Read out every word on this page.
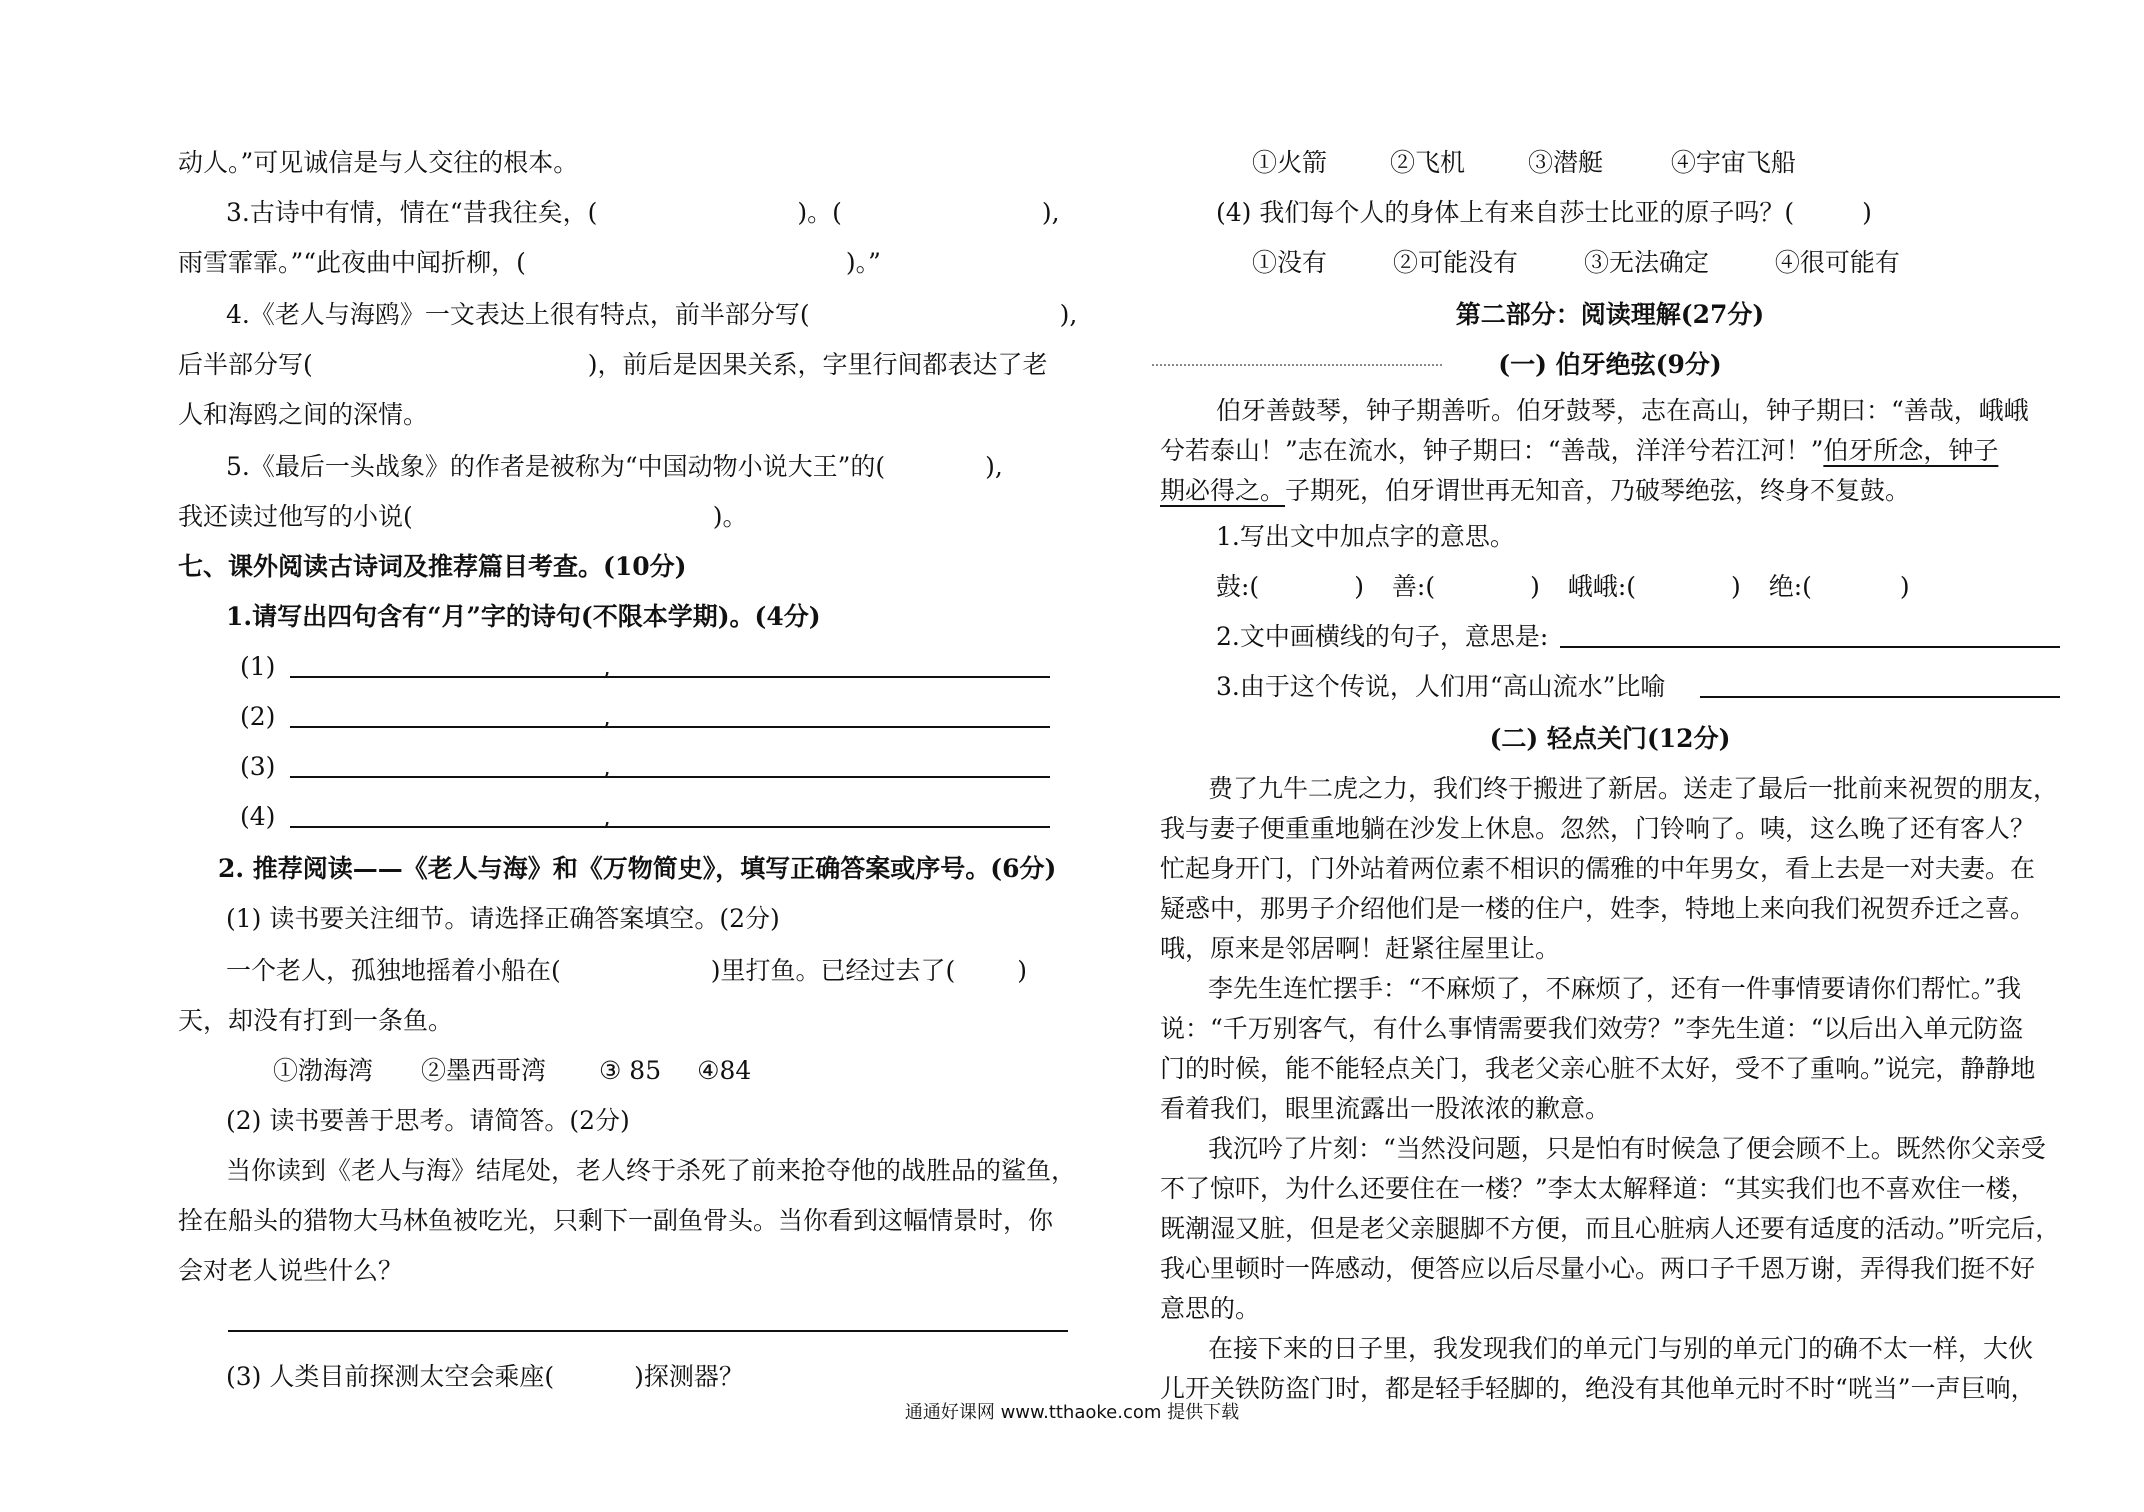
动人。”可见诚信是与人交往的根本。
3.古诗中有情，情在“昔我往矣，(	)。(	),
雨雪霏霏。”“此夜曲中闻折柳，(	)。”
4.《老人与海鸥》一文表达上很有特点，前半部分写(	),
后半部分写(	)，前后是因果关系，字里行间都表达了老
人和海鸥之间的深情。
5.《最后一头战象》的作者是被称为“中国动物小说大王”的(	),
我还读过他写的小说(	)。
七、课外阅读古诗词及推荐篇目考查。(10分)
1.请写出四句含有“月”字的诗句(不限本学期)。(4分)
(1)	,
(2)	,
(3)	,
(4)	,
2. 推荐阅读——《老人与海》和《万物简史》，填写正确答案或序号。(6分)
(1) 读书要关注细节。请选择正确答案填空。(2分)
一个老人，孤独地摇着小船在(	)里打鱼。已经过去了( )
天，却没有打到一条鱼。
①渤海湾 ②墨西哥湾 ③ 85 ④84
(2) 读书要善于思考。请简答。(2分)
当你读到《老人与海》结尾处，老人终于杀死了前来抢夺他的战胜品的鲨鱼，
拴在船头的猎物大马林鱼被吃光，只剩下一副鱼骨头。当你看到这幅情景时，你
会对老人说些什么？
(3) 人类目前探测太空会乘座(	)探测器？
①火箭	②飞机	③潜艇	④宇宙飞船
(4) 我们每个人的身体上有来自莎士比亚的原子吗？(	)
①没有	②可能没有	③无法确定	④很可能有
第二部分：阅读理解(27分)
(一) 伯牙绝弦(9分)
伯牙善鼓琴，钟子期善听。伯牙鼓琴，志在高山，钟子期曰：“善哉，峨峨
兮若泰山！”志在流水，钟子期曰：“善哉，洋洋兮若江河！”伯牙所念，钟子
期必得之。子期死，伯牙谓世再无知音，乃破琴绝弦，终身不复鼓。
1.写出文中加点字的意思。
鼓:(	) 善:(	) 峨峨:(	) 绝:(	)
2.文中画横线的句子，意思是:
3.由于这个传说，人们用“高山流水”比喻
(二) 轻点关门(12分)
费了九牛二虎之力，我们终于搬进了新居。送走了最后一批前来祝贺的朋友，
我与妻子便重重地躺在沙发上休息。忽然，门铃响了。咦，这么晚了还有客人？
忙起身开门，门外站着两位素不相识的儒雅的中年男女，看上去是一对夫妻。在
疑惑中，那男子介绍他们是一楼的住户，姓李，特地上来向我们祝贺乔迁之喜。
哦，原来是邻居啊！赶紧往屋里让。
李先生连忙摆手：“不麻烦了，不麻烦了，还有一件事情要请你们帮忙。”我
说：“千万别客气，有什么事情需要我们效劳？”李先生道：“以后出入单元防盗
门的时候，能不能轻点关门，我老父亲心脏不太好，受不了重响。”说完，静静地
看着我们，眼里流露出一股浓浓的歉意。
我沉吟了片刻：“当然没问题，只是怕有时候急了便会顾不上。既然你父亲受
不了惊吓，为什么还要住在一楼？”李太太解释道：“其实我们也不喜欢住一楼，
既潮湿又脏，但是老父亲腿脚不方便，而且心脏病人还要有适度的活动。”听完后，
我心里顿时一阵感动，便答应以后尽量小心。两口子千恩万谢，弄得我们挺不好
意思的。
在接下来的日子里，我发现我们的单元门与别的单元门的确不太一样，大伙
儿开关铁防盗门时，都是轻手轻脚的，绝没有其他单元时不时“咣当”一声巨响，
通通好课网 www.tthaoke.com 提供下载
